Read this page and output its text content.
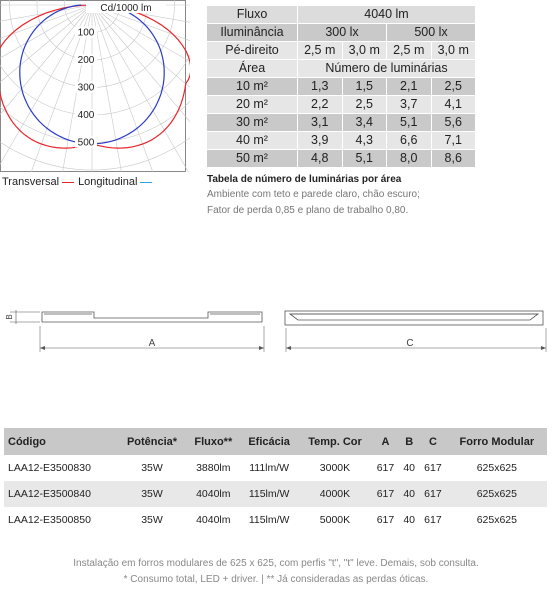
Cd/1000 lm
100
200
300
400
500
Transversal Longitudinal
Fluxo	4040 lm			
Iluminância	300 lx		500 lx	
Pé-direito	2,5 m	3,0 m	2,5 m	3,0 m
Área	Número de luminárias			
10 m²	1,3	1,5	2,1	2,5
20 m²	2,2	2,5	3,7	4,1
30 m²	3,1	3,4	5,1	5,6
40 m²	3,9	4,3	6,6	7,1
50 m²	4,8	5,1	8,0	8,6
Tabela de número de luminárias por área
Ambiente com teto e parede claro, chão escuro;
Fator de perda 0,85 e plano de trabalho 0,80.
A	C
B
Código	Potência*	Fluxo**	Eficácia	Temp. Cor	A	B	C	Forro Modular
LAA12-E3500830	35W	3880lm	111lm/W	3000K	617	40	617	625x625
LAA12-E3500840	35W	4040lm	115lm/W	4000K	617	40	617	625x625
LAA12-E3500850	35W	4040lm	115lm/W	5000K	617	40	617	625x625
Instalação em forros modulares de 625 x 625, com perfis "t", "t" leve. Demais, sob consulta.
* Consumo total, LED + driver. | ** Já consideradas as perdas óticas.
